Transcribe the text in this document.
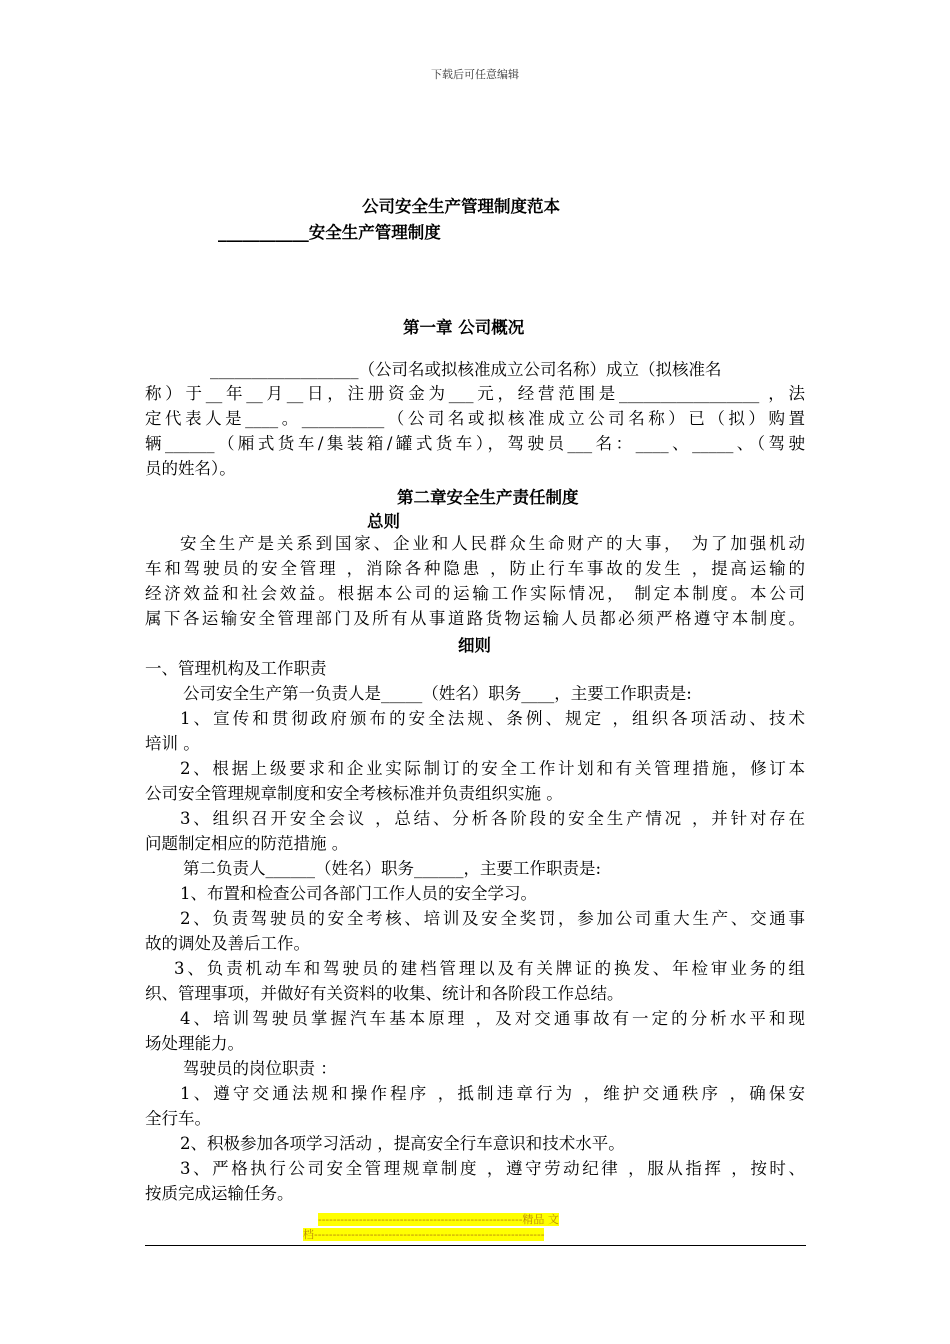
下载后可任意编辑
公司安全生产管理制度范本
___________安全生产管理制度
第一章 公司概况
__________________（公司名或拟核准成立公司名称）成立（拟核准名
称）于__年__月__日，注册资金为___元，经营范围是_________________ ，法
定代表人是____。__________（公司名或拟核准成立公司名称）已（拟）购置
辆______（厢式货车/集装箱/罐式货车），驾驶员___名：____、_____、（驾驶
员的姓名）。
第二章安全生产责任制度
总则
安全生产是关系到国家、企业和人民群众生命财产的大事， 为了加强机动
车和驾驶员的安全管理 ，消除各种隐患 ，防止行车事故的发生 ，提高运输的
经济效益和社会效益。根据本公司的运输工作实际情况， 制定本制度。本公司
属下各运输安全管理部门及所有从事道路货物运输人员都必须严格遵守本制度。
细则
一、管理机构及工作职责
公司安全生产第一负责人是_____（姓名）职务____，主要工作职责是:
1、宣传和贯彻政府颁布的安全法规、条例、规定 ，组织各项活动、技术
培训 。
2、根据上级要求和企业实际制订的安全工作计划和有关管理措施，修订本
公司安全管理规章制度和安全考核标准并负责组织实施 。
3、组织召开安全会议 ，总结、分析各阶段的安全生产情况 ，并针对存在
问题制定相应的防范措施 。
第二负责人______（姓名）职务______，主要工作职责是:
1、布置和检查公司各部门工作人员的安全学习。
2、负责驾驶员的安全考核、培训及安全奖罚，参加公司重大生产、交通事
故的调处及善后工作。
3、负责机动车和驾驶员的建档管理以及有关牌证的换发、年检审业务的组
织、管理事项，并做好有关资料的收集、统计和各阶段工作总结。
4、培训驾驶员掌握汽车基本原理 ，及对交通事故有一定的分析水平和现
场处理能力。
驾驶员的岗位职责 ：
1、遵守交通法规和操作程序 ，抵制违章行为 ，维护交通秩序 ，确保安
全行车。
2、积极参加各项学习活动 ，提高安全行车意识和技术水平。
3、严格执行公司安全管理规章制度 ，遵守劳动纪律 ，服从指挥 ，按时、
按质完成运输任务。
-------------------------------------------------------精品 文
档--------------------------------------------------------------
